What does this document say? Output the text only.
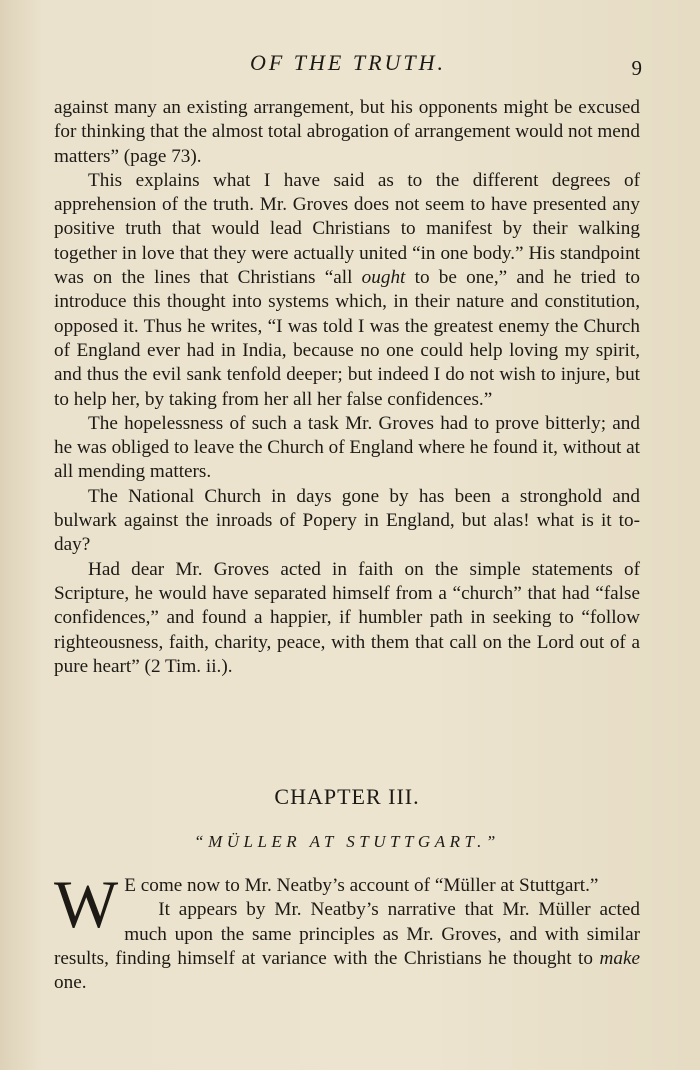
OF THE TRUTH.	9

against many an existing arrangement, but his opponents might be excused for thinking that the almost total abrogation of arrangement would not mend matters” (page 73).

This explains what I have said as to the different degrees of apprehension of the truth. Mr. Groves does not seem to have presented any positive truth that would lead Christians to manifest by their walking together in love that they were actually united “in one body.” His standpoint was on the lines that Christians “all ought to be one,” and he tried to introduce this thought into systems which, in their nature and constitution, opposed it. Thus he writes, “I was told I was the greatest enemy the Church of England ever had in India, because no one could help loving my spirit, and thus the evil sank tenfold deeper; but indeed I do not wish to injure, but to help her, by taking from her all her false confidences.”

The hopelessness of such a task Mr. Groves had to prove bitterly; and he was obliged to leave the Church of England where he found it, without at all mending matters.

The National Church in days gone by has been a stronghold and bulwark against the inroads of Popery in England, but alas! what is it to-day?

Had dear Mr. Groves acted in faith on the simple statements of Scripture, he would have separated himself from a “church” that had “false confidences,” and found a happier, if humbler path in seeking to “follow righteousness, faith, charity, peace, with them that call on the Lord out of a pure heart” (2 Tim. ii.).

CHAPTER III.
“MÜLLER AT STUTTGART.”

W E come now to Mr. Neatby’s account of “Müller at Stuttgart.”

It appears by Mr. Neatby’s narrative that Mr. Müller acted much upon the same principles as Mr. Groves, and with similar results, finding himself at variance with the Christians he thought to make one.
